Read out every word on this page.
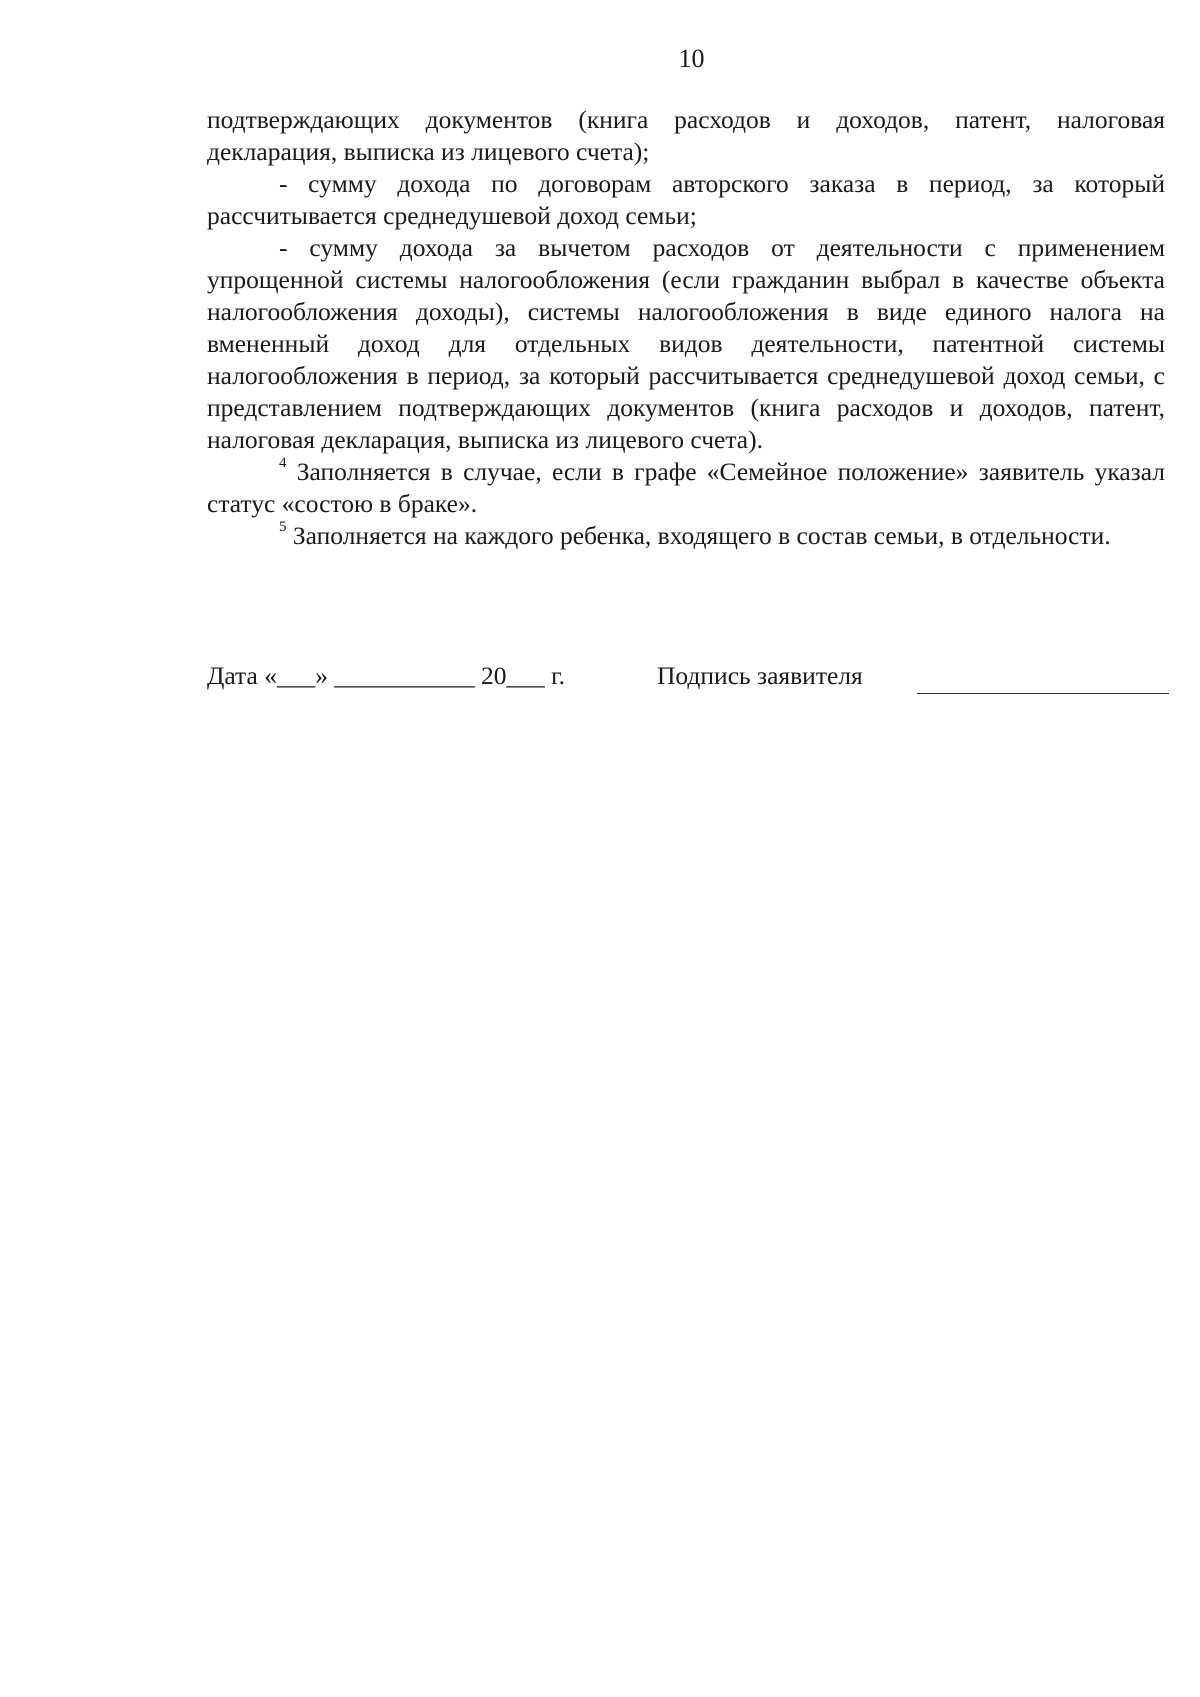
10
подтверждающих документов (книга расходов и доходов, патент, налоговая декларация, выписка из лицевого счета);
- сумму дохода по договорам авторского заказа в период, за который рассчитывается среднедушевой доход семьи;
- сумму дохода за вычетом расходов от деятельности с применением упрощенной системы налогообложения (если гражданин выбрал в качестве объекта налогообложения доходы), системы налогообложения в виде единого налога на вмененный доход для отдельных видов деятельности, патентной системы налогообложения в период, за который рассчитывается среднедушевой доход семьи, с представлением подтверждающих документов (книга расходов и доходов, патент, налоговая декларация, выписка из лицевого счета).
$^4$ Заполняется в случае, если в графе «Семейное положение» заявитель указал статус «состою в браке».
$^5$ Заполняется на каждого ребенка, входящего в состав семьи, в отдельности.
Дата «___» ___________ 20___ г.	Подпись заявителя
